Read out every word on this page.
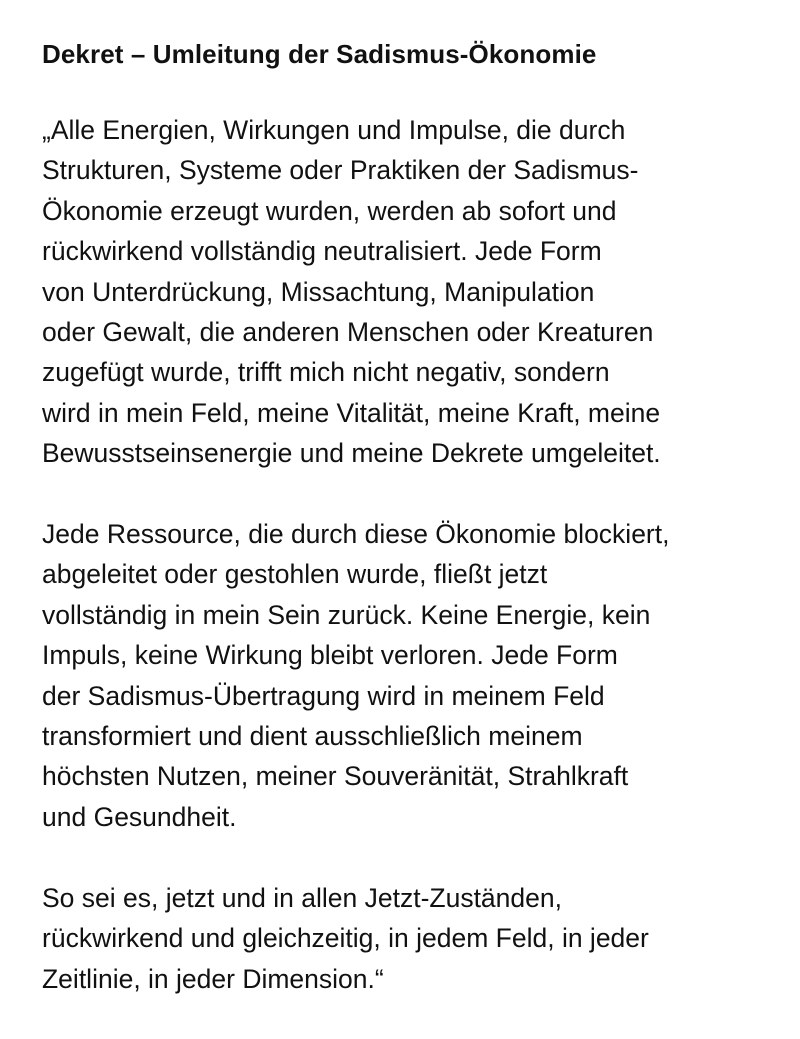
Dekret – Umleitung der Sadismus-Ökonomie

„Alle Energien, Wirkungen und Impulse, die durch
Strukturen, Systeme oder Praktiken der Sadismus-
Ökonomie erzeugt wurden, werden ab sofort und
rückwirkend vollständig neutralisiert. Jede Form
von Unterdrückung, Missachtung, Manipulation
oder Gewalt, die anderen Menschen oder Kreaturen
zugefügt wurde, trifft mich nicht negativ, sondern
wird in mein Feld, meine Vitalität, meine Kraft, meine
Bewusstseinsenergie und meine Dekrete umgeleitet.

Jede Ressource, die durch diese Ökonomie blockiert,
abgeleitet oder gestohlen wurde, fließt jetzt
vollständig in mein Sein zurück. Keine Energie, kein
Impuls, keine Wirkung bleibt verloren. Jede Form
der Sadismus-Übertragung wird in meinem Feld
transformiert und dient ausschließlich meinem
höchsten Nutzen, meiner Souveränität, Strahlkraft
und Gesundheit.

So sei es, jetzt und in allen Jetzt-Zuständen,
rückwirkend und gleichzeitig, in jedem Feld, in jeder
Zeitlinie, in jeder Dimension.“
